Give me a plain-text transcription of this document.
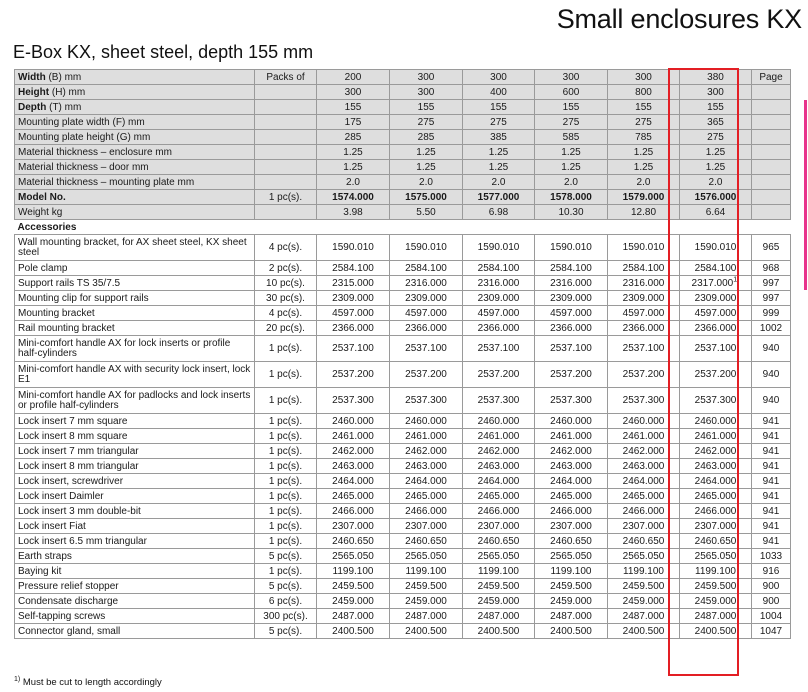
Small enclosures KX
E-Box KX, sheet steel, depth 155 mm
Width (B) mm	Packs of	200	300	300	300	300	380	Page
Height (H) mm		300	300	400	600	800	300	
Depth (T) mm		155	155	155	155	155	155	
Mounting plate width (F) mm		175	275	275	275	275	365	
Mounting plate height (G) mm		285	285	385	585	785	275	
Material thickness – enclosure mm		1.25	1.25	1.25	1.25	1.25	1.25	
Material thickness – door mm		1.25	1.25	1.25	1.25	1.25	1.25	
Material thickness – mounting plate mm		2.0	2.0	2.0	2.0	2.0	2.0	
Model No.	1 pc(s).	1574.000	1575.000	1577.000	1578.000	1579.000	1576.000	
Weight kg		3.98	5.50	6.98	10.30	12.80	6.64	
Accessories								
Wall mounting bracket, for AX sheet steel, KX sheet steel	4 pc(s).	1590.010	1590.010	1590.010	1590.010	1590.010	1590.010	965
Pole clamp	2 pc(s).	2584.100	2584.100	2584.100	2584.100	2584.100	2584.100	968
Support rails TS 35/7.5	10 pc(s).	2315.000	2316.000	2316.000	2316.000	2316.000	2317.000$^{1)}$	997
Mounting clip for support rails	30 pc(s).	2309.000	2309.000	2309.000	2309.000	2309.000	2309.000	997
Mounting bracket	4 pc(s).	4597.000	4597.000	4597.000	4597.000	4597.000	4597.000	999
Rail mounting bracket	20 pc(s).	2366.000	2366.000	2366.000	2366.000	2366.000	2366.000	1002
Mini-comfort handle AX for lock inserts or profile half-cylinders	1 pc(s).	2537.100	2537.100	2537.100	2537.100	2537.100	2537.100	940
Mini-comfort handle AX with security lock insert, lock E1	1 pc(s).	2537.200	2537.200	2537.200	2537.200	2537.200	2537.200	940
Mini-comfort handle AX for padlocks and lock inserts or profile half-cylinders	1 pc(s).	2537.300	2537.300	2537.300	2537.300	2537.300	2537.300	940
Lock insert 7 mm square	1 pc(s).	2460.000	2460.000	2460.000	2460.000	2460.000	2460.000	941
Lock insert 8 mm square	1 pc(s).	2461.000	2461.000	2461.000	2461.000	2461.000	2461.000	941
Lock insert 7 mm triangular	1 pc(s).	2462.000	2462.000	2462.000	2462.000	2462.000	2462.000	941
Lock insert 8 mm triangular	1 pc(s).	2463.000	2463.000	2463.000	2463.000	2463.000	2463.000	941
Lock insert, screwdriver	1 pc(s).	2464.000	2464.000	2464.000	2464.000	2464.000	2464.000	941
Lock insert Daimler	1 pc(s).	2465.000	2465.000	2465.000	2465.000	2465.000	2465.000	941
Lock insert 3 mm double-bit	1 pc(s).	2466.000	2466.000	2466.000	2466.000	2466.000	2466.000	941
Lock insert Fiat	1 pc(s).	2307.000	2307.000	2307.000	2307.000	2307.000	2307.000	941
Lock insert 6.5 mm triangular	1 pc(s).	2460.650	2460.650	2460.650	2460.650	2460.650	2460.650	941
Earth straps	5 pc(s).	2565.050	2565.050	2565.050	2565.050	2565.050	2565.050	1033
Baying kit	1 pc(s).	1199.100	1199.100	1199.100	1199.100	1199.100	1199.100	916
Pressure relief stopper	5 pc(s).	2459.500	2459.500	2459.500	2459.500	2459.500	2459.500	900
Condensate discharge	6 pc(s).	2459.000	2459.000	2459.000	2459.000	2459.000	2459.000	900
Self-tapping screws	300 pc(s).	2487.000	2487.000	2487.000	2487.000	2487.000	2487.000	1004
Connector gland, small	5 pc(s).	2400.500	2400.500	2400.500	2400.500	2400.500	2400.500	1047
$^{1)}$ Must be cut to length accordingly
